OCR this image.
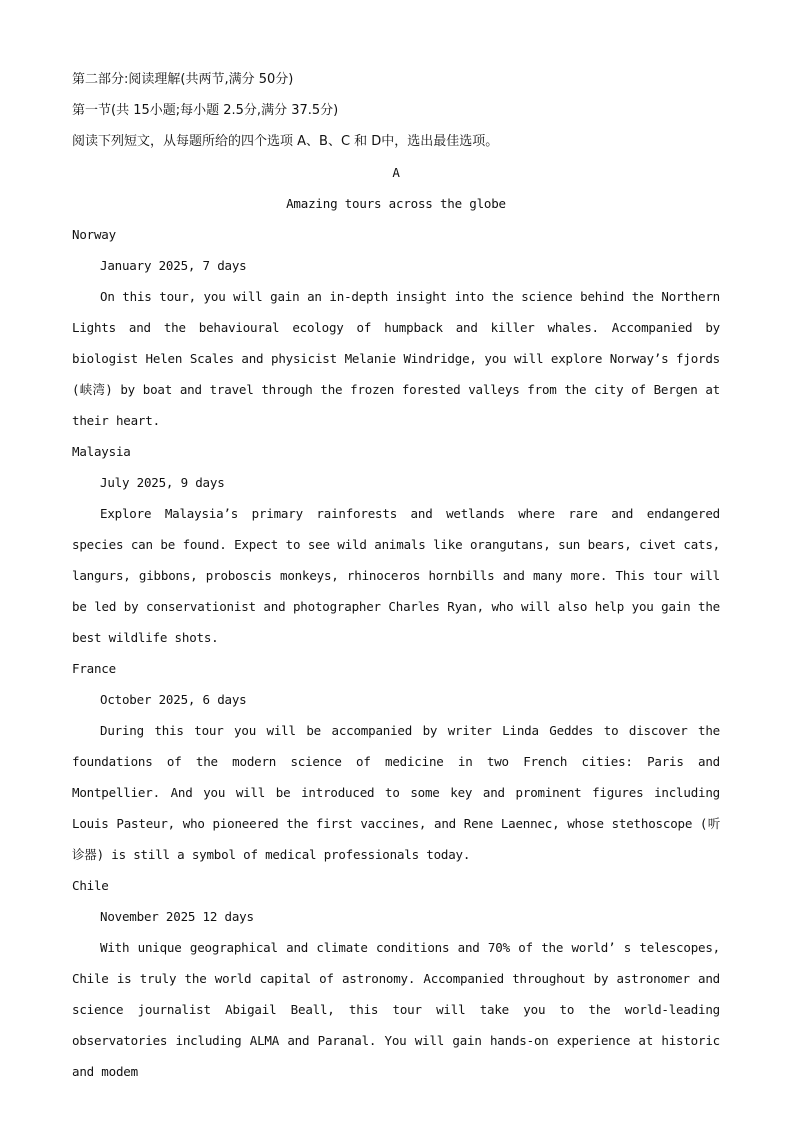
第二部分:阅读理解(共两节,满分 50分)
第一节(共 15小题;每小题 2.5分,满分 37.5分)
阅读下列短文，从每题所给的四个选项 A、B、C 和 D中，选出最佳选项。
A
Amazing tours across the globe
Norway
January 2025, 7 days

On this tour, you will gain an in-depth insight into the science behind the Northern Lights and the behavioural ecology of humpback and killer whales. Accompanied by biologist Helen Scales and physicist Melanie Windridge, you will explore Norway’s fjords (峡湾) by boat and travel through the frozen forested valleys from the city of Bergen at their heart.

Malaysia
July 2025, 9 days

Explore Malaysia’s primary rainforests and wetlands where rare and endangered species can be found. Expect to see wild animals like orangutans, sun bears, civet cats, langurs, gibbons, proboscis monkeys, rhinoceros hornbills and many more. This tour will be led by conservationist and photographer Charles Ryan, who will also help you gain the best wildlife shots.

France
October 2025, 6 days

During this tour you will be accompanied by writer Linda Geddes to discover the foundations of the modern science of medicine in two French cities: Paris and Montpellier. And you will be introduced to some key and prominent figures including Louis Pasteur, who pioneered the first vaccines, and Rene Laennec, whose stethoscope (听诊器) is still a symbol of medical professionals today.

Chile
November 2025 12 days

With unique geographical and climate conditions and 70% of the world’ s telescopes, Chile is truly the world capital of astronomy. Accompanied throughout by astronomer and science journalist Abigail Beall, this tour will take you to the world-leading observatories including ALMA and Paranal. You will gain hands-on experience at historic and modem
